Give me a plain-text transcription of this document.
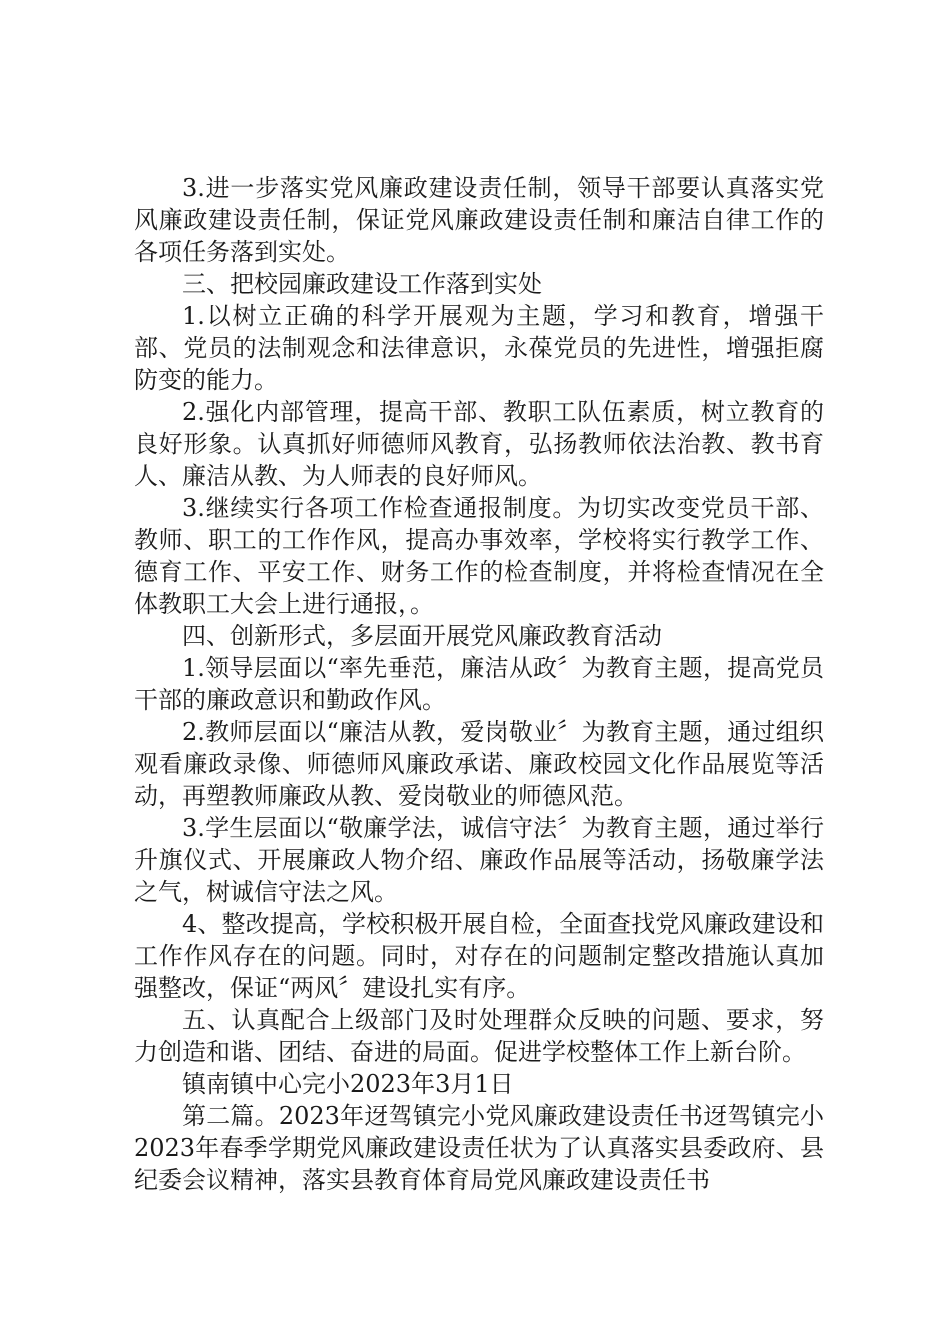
3.进一步落实党风廉政建设责任制，领导干部要认真落实党风廉政建设责任制，保证党风廉政建设责任制和廉洁自律工作的各项任务落到实处。

三、把校园廉政建设工作落到实处

1.以树立正确的科学开展观为主题，学习和教育，增强干部、党员的法制观念和法律意识，永葆党员的先进性，增强拒腐防变的能力。

2.强化内部管理，提高干部、教职工队伍素质，树立教育的良好形象。认真抓好师德师风教育，弘扬教师依法治教、教书育人、廉洁从教、为人师表的良好师风。

3.继续实行各项工作检查通报制度。为切实改变党员干部、教师、职工的工作作风，提高办事效率，学校将实行教学工作、德育工作、平安工作、财务工作的检查制度，并将检查情况在全体教职工大会上进行通报，。

四、创新形式，多层面开展党风廉政教育活动

1.领导层面以“率先垂范，廉洁从政〞为教育主题，提高党员干部的廉政意识和勤政作风。

2.教师层面以“廉洁从教，爱岗敬业〞为教育主题，通过组织观看廉政录像、师德师风廉政承诺、廉政校园文化作品展览等活动，再塑教师廉政从教、爱岗敬业的师德风范。

3.学生层面以“敬廉学法，诚信守法〞为教育主题，通过举行升旗仪式、开展廉政人物介绍、廉政作品展等活动，扬敬廉学法之气，树诚信守法之风。

4、整改提高，学校积极开展自检，全面查找党风廉政建设和工作作风存在的问题。同时，对存在的问题制定整改措施认真加强整改，保证“两风〞建设扎实有序。

五、认真配合上级部门及时处理群众反映的问题、要求，努力创造和谐、团结、奋进的局面。促进学校整体工作上新台阶。

镇南镇中心完小2023年3月1日

第二篇。2023年迓驾镇完小党风廉政建设责任书迓驾镇完小2023年春季学期党风廉政建设责任状为了认真落实县委政府、县纪委会议精神，落实县教育体育局党风廉政建设责任书
